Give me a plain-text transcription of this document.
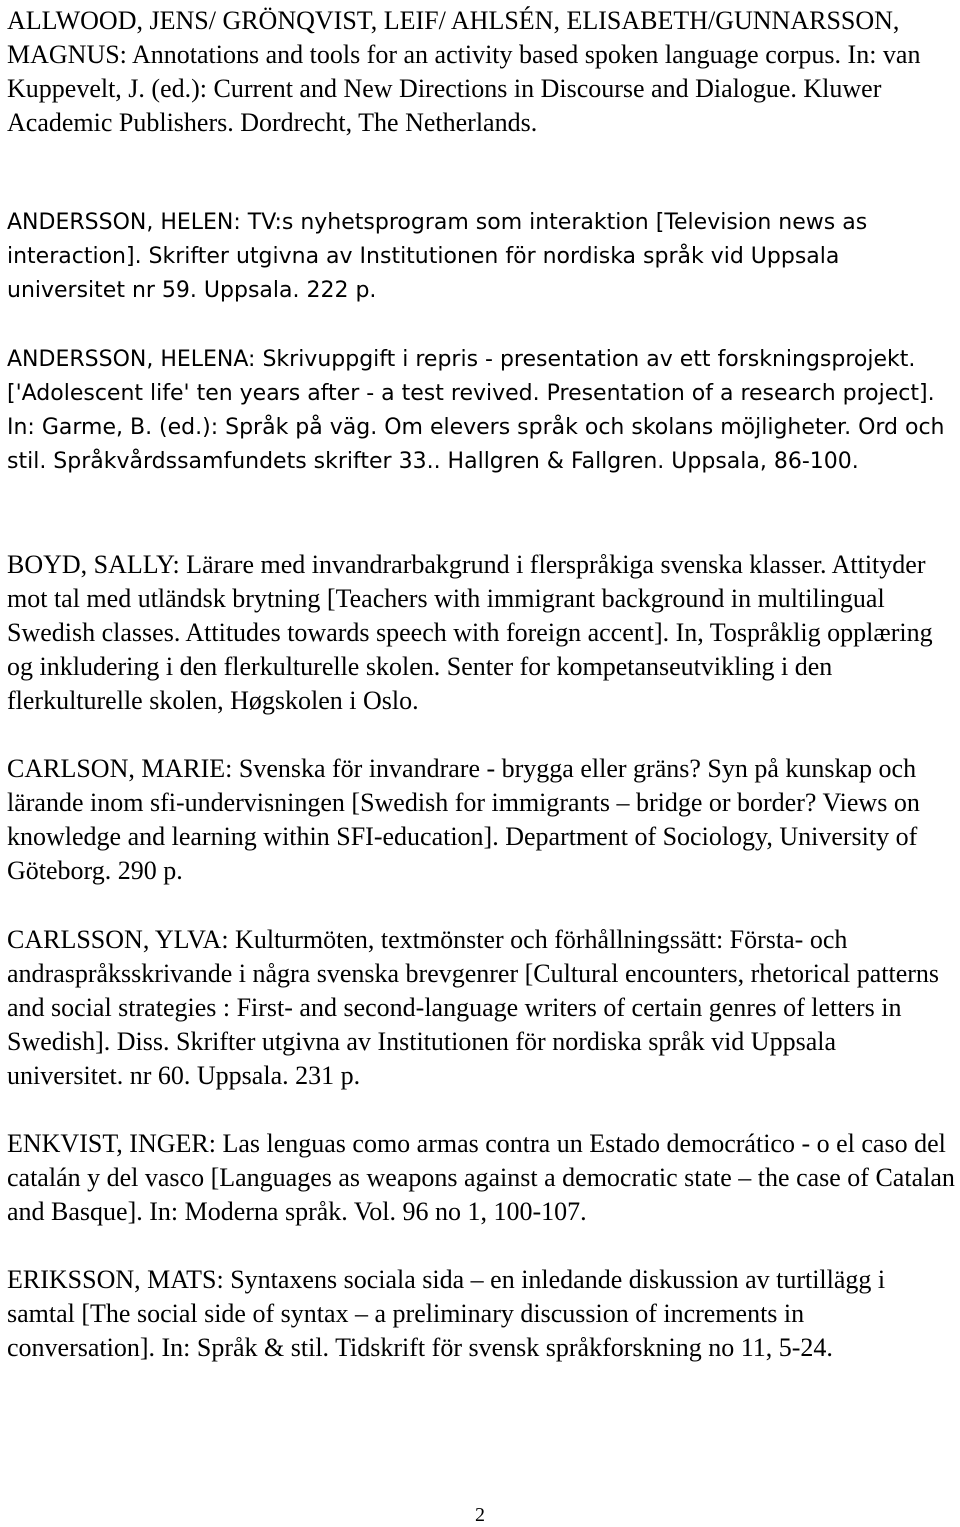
ALLWOOD, JENS/ GRÖNQVIST, LEIF/ AHLSÉN, ELISABETH/GUNNARSSON, MAGNUS: Annotations and tools for an activity based spoken language corpus. In: van Kuppevelt, J. (ed.): Current and New Directions in Discourse and Dialogue. Kluwer Academic Publishers. Dordrecht, The Netherlands.

ANDERSSON, HELEN: TV:s nyhetsprogram som interaktion [Television news as interaction]. Skrifter utgivna av Institutionen för nordiska språk vid Uppsala universitet nr 59. Uppsala. 222 p.

ANDERSSON, HELENA: Skrivuppgift i repris - presentation av ett forskningsprojekt. ['Adolescent life' ten years after - a test revived. Presentation of a research project]. In: Garme, B. (ed.): Språk på väg. Om elevers språk och skolans möjligheter. Ord och stil. Språkvårdssamfundets skrifter 33.. Hallgren & Fallgren. Uppsala, 86-100.

BOYD, SALLY: Lärare med invandrarbakgrund i flerspråkiga svenska klasser. Attityder mot tal med utländsk brytning [Teachers with immigrant background in multilingual Swedish classes. Attitudes towards speech with foreign accent]. In, Tospråklig opplæring og inkludering i den flerkulturelle skolen. Senter for kompetanseutvikling i den flerkulturelle skolen, Høgskolen i Oslo.

CARLSON, MARIE: Svenska för invandrare - brygga eller gräns? Syn på kunskap och lärande inom sfi-undervisningen [Swedish for immigrants – bridge or border? Views on knowledge and learning within SFI-education]. Department of Sociology, University of Göteborg. 290 p.

CARLSSON, YLVA: Kulturmöten, textmönster och förhållningssätt: Första- och andraspråksskrivande i några svenska brevgenrer [Cultural encounters, rhetorical patterns and social strategies : First- and second-language writers of certain genres of letters in Swedish]. Diss. Skrifter utgivna av Institutionen för nordiska språk vid Uppsala universitet. nr 60. Uppsala. 231 p.

ENKVIST, INGER: Las lenguas como armas contra un Estado democrático - o el caso del catalán y del vasco [Languages as weapons against a democratic state – the case of Catalan and Basque]. In: Moderna språk. Vol. 96 no 1, 100-107.

ERIKSSON, MATS: Syntaxens sociala sida – en inledande diskussion av turtillägg i samtal [The social side of syntax – a preliminary discussion of increments in conversation]. In: Språk & stil. Tidskrift för svensk språkforskning no 11, 5-24.

2
